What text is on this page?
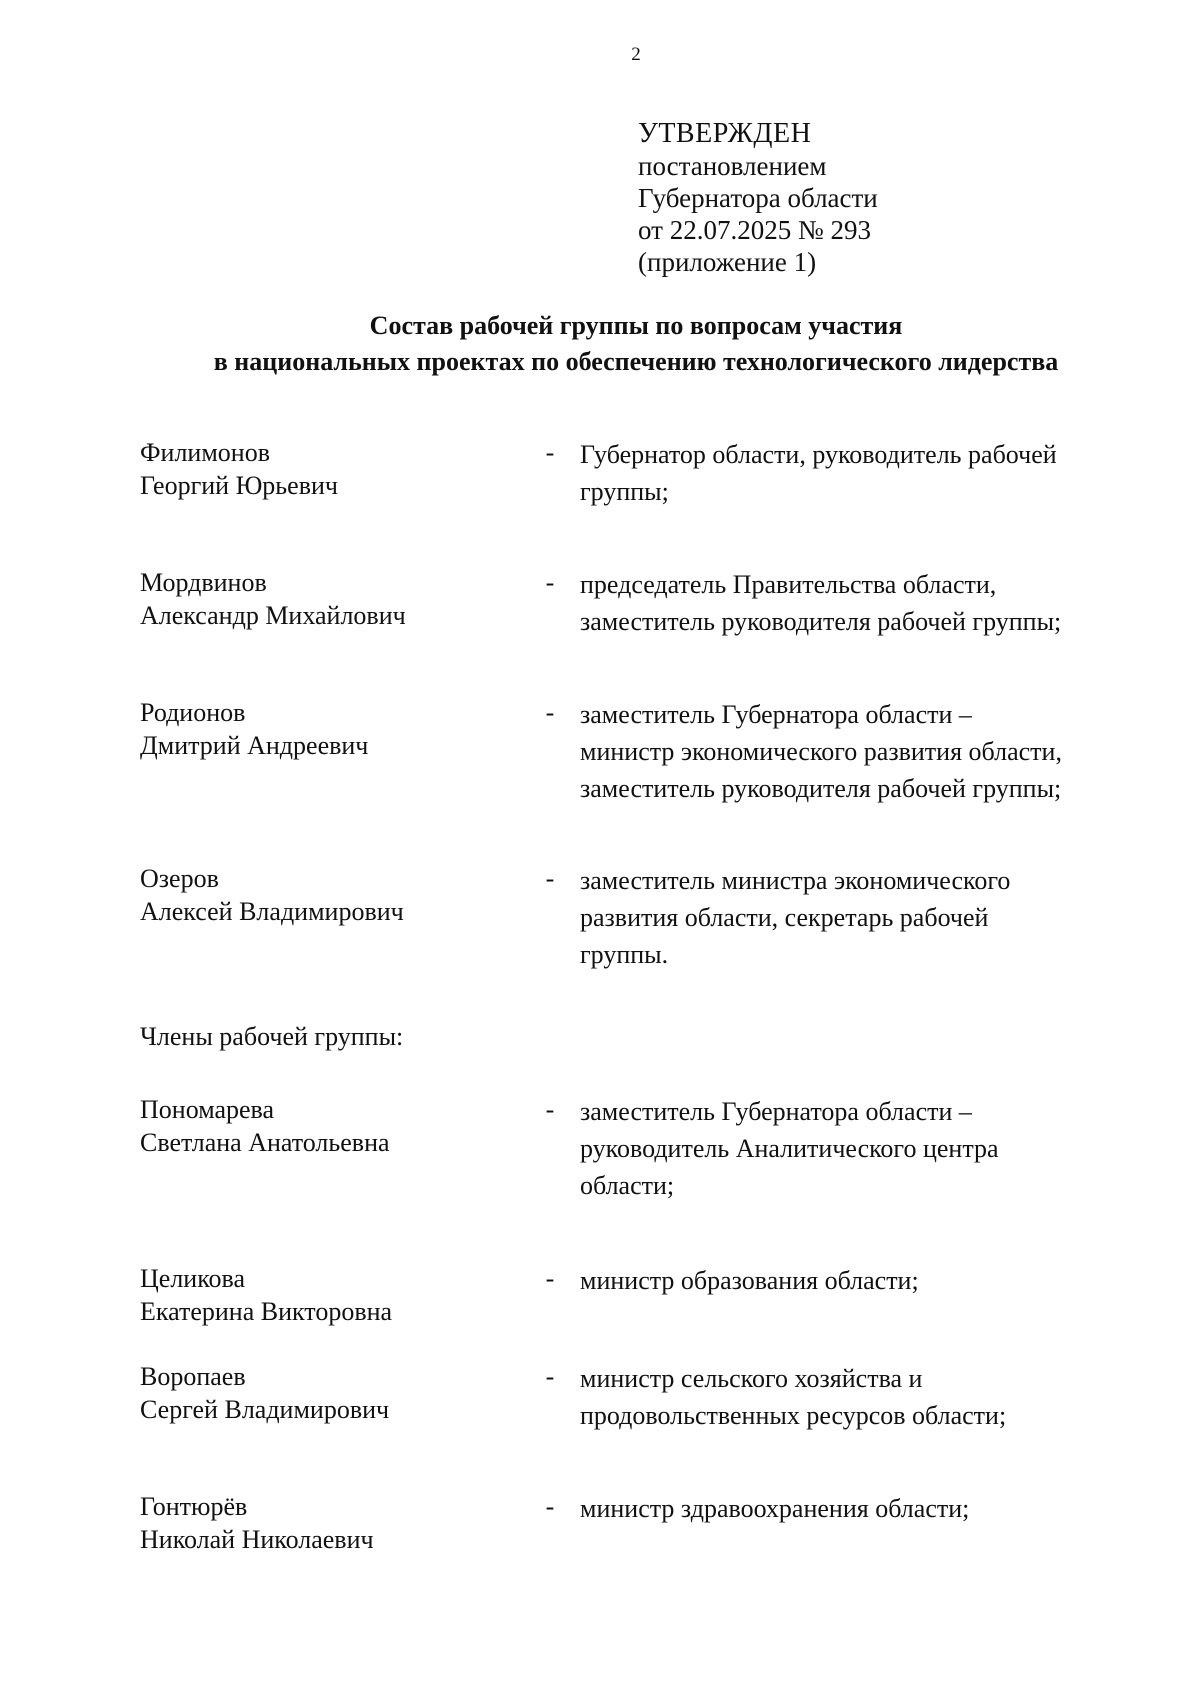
2
УТВЕРЖДЕН
постановлением
Губернатора области
от 22.07.2025 № 293
(приложение 1)
Состав рабочей группы по вопросам участия
в национальных проектах по обеспечению технологического лидерства
Филимонов
Георгий Юрьевич
- Губернатор области, руководитель рабочей
группы;
Мордвинов
Александр Михайлович
- председатель Правительства области,
заместитель руководителя рабочей группы;
Родионов
Дмитрий Андреевич
- заместитель Губернатора области –
министр экономического развития области,
заместитель руководителя рабочей группы;
Озеров
Алексей Владимирович
- заместитель министра экономического
развития области, секретарь рабочей
группы.
Члены рабочей группы:
Пономарева
Светлана Анатольевна
- заместитель Губернатора области –
руководитель Аналитического центра
области;
Целикова
Екатерина Викторовна
- министр образования области;
Воропаев
Сергей Владимирович
- министр сельского хозяйства и
продовольственных ресурсов области;
Гонтюрёв
Николай Николаевич
- министр здравоохранения области;
